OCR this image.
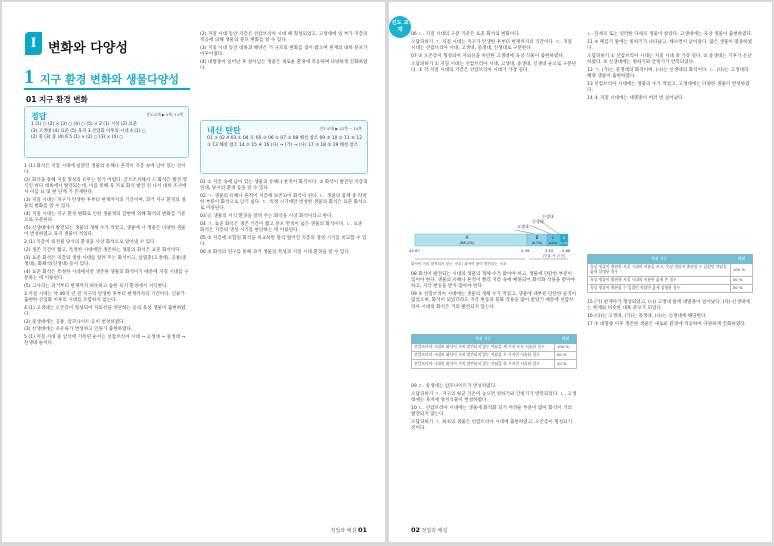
I 변화와 다양성
1 지구 환경 변화와 생물다양성
01 지구 환경 변화
정답	진도교재 ▶ 5쪽, 11쪽
1 (1) ○ (2) × (3) ○ (4) ○ (5) × 2 (1) 시상 (2) 표준
(3) 고생대 (4) 표준 (5) 육지 3 산업화 이후의 시대 4 (1) ○
(2) 중 (3) 중 (4) 6 5 (1) × (2) ○ (3) × (4) ○

1 (1) 화석은 지질 시대에 살았던 생물의 유해나 흔적이 지층 속에 남아 있는 것이다.

(2) 화석을 통해 지질 형성의 유무는 알기 어렵다. 글쓰조치해서 스 화석은 발견 형식인 바다 대륙에서 발견되는데, 이를 통해 육 지로 화석 발견 된 나서 대륙 조사에서 이를 표 및 현 단계 가 존재한다.

(3) 지질 시대는 지구가 탄생한 후부터 현재까지의 기간이며, 과거 지구 환경의 생물의 변화를 알 수 있다.

(4) 지질 시대는 지구 환경 변화로 인한 생물계의 급변에 의해 화석의 변화를 기준으로 구분한다.

(5) 신생대에서 발견되는 생물의 개체 수가 작았고, 생물에 사 생물은 다양한 생물이 번성하였고 육지 생물이 적었다.

2 (1) 지층이 퇴적될 당시의 환경을 사상 화석으로 알아낼 수 있다.

(2) 생존 기간이 짧고, 특정한 시대에만 생존하는 생물의 화석은 표준 화석이다.

(3) 표준 화석은 지층의 생성 시대를 알려 주는 화석이고, 삼엽충(고생대), 공룡(중생대), 화폐석(신생대) 등이 있다.

(4) 표준 화석은 특정한 시대에서만 생존한 생물의 화석이기 때문에 지질 시대를 구분하는 데 이용된다.

(5) 고사리는 과거부터 현재까지 따뜻하고 습한 육지 환경에서 서식한다.

3 지질 시대는 약 46억 년 전 지구의 탄생한 후부터 현재까지의 기간이다. 인류가 출현한 산업화 이후의 시대를 포함하지 않는다.

4 (1) 고생대는 오존층이 형성되어 자외선을 차단하는 등의 육상 생물이 출현하였다.

(2) 중생대에는 공룡, 암모나이트 등이 번성하였다.

(3) 신생대에는 포유류가 번성하고 인류가 출현하였다.

5 (1) 지질 시대 중 암석에 기록된 순서는 선캄브리아 시대 → 고생대 → 중생대 → 신생대 순이다.

(2) 지질 시대 동안 지층은 선캄브리아 시대 때 형성되었고, 고생대에 일 부가 지층의 적응에 의해 생물의 분포 변화를 알 수 있다.

(3) 지질 시대 동안 대륙과 해양은 거 규모의 변화를 겪어 왔으며 현재의 대륙 분포가 이루어졌다.

(4) 대멸종이 일어난 후 살아남은 생물은 새로운 환경에 적응하며 다양하게 진화하였다.

내신 탄탄	진도교재 ▶ 12쪽 ~ 14쪽
01 ③ 02 A 03 ① 04 ⓓ 05 ③ 06 ② 07 ③ 08 해설 참조 09 ⑤ 10 ② 11 ⑥ 12 ③ 13 해설 참조 14 ② 15 ④ 16 (다) → (가) → (나) 17 ③ 18 ⑤ 19 해설 참조

01 ① 지층 속에 남아 있는 생물의 유해나 흔적이 화석이다. ② 화석이 발견된 지층의 연대, 당시의 환경 등을 알 수 있다.

02 ㄱ. 생물의 유해나 흔적이 지층에 보존되어 화석이 된다. ㄴ. 생물의 몸체 중 딱딱한 부분이 화석으로 남기 쉽다. ㄷ. 특정 시기에만 번성한 생물의 화석은 표준 화석으로 이용된다.

03 ⓓ 생물의 서식 환경을 알려 주는 화석을 시상 화석이라고 한다.

04 ㄱ. 표준 화석은 생존 기간이 짧고 분포 면적이 넓은 생물의 화석이다. ㄴ. 표준 화석은 지층의 생성 시기를 판단하는 데 이용된다.

05 ③ 지층에 포함된 화석을 비교하면 멀리 떨어진 지층의 생성 시기를 비교할 수 있다.

06 ② 화석의 연구를 통해 과거 생물의 특성과 지질 시대 환경을 알 수 있다.

정답과 해설 01
진도 교재

06 ㄴ. 지질 시대의 구분 기준은 표준 화석의 변화이다.

오답피하기 ㄱ. 지질 시대는 지구가 탄생한 후부터 현재까지의 기간이다. ㄷ. 지질 시대는 선캄브리아 시대, 고생대, 중생대, 신생대로 구분한다.

07 ③ 오존층이 형성되어 자외선을 차단한 고생대에 육상 식물이 출현하였다.

오답피하기 ① 지질 시대는 선캄브리아 시대, 고생대, 중생대, 신생대 순으로 구분된다. ② 각 지질 시대의 기간은 선캄브리아 시대가 가장 길다.

신생대
중생대
고생대
A
(88.2%)
B
(6.7%)
C
(4.0%)
D
(1.1%)
45.67	5.39	2.52 0.66
(단위: 억 년 전)
화석이 거의 발견되지 않는 시대 / 화석이 많이 발견되는 시대

08 화석이 발견되는 시대의 생물의 개체 수가 많아야 하고, 생물에 단단한 부분이 있어야 한다. 생물의 유해나 흔적이 빨리 지층 속에 매몰되어 화석화 작용을 받아야 하고, 지각 변동을 받지 않아야 한다.

09 ⑤ 선캄브리아 시대에는 생물의 개체 수가 적었고, 생물에 대부분 단단한 골격이 없었으며, 화석이 되었더라도 지각 변동과 풍화 작용을 많이 받았기 때문에 선캄브리아 시대의 화석은 거의 발견되지 않는다.

채점 기준	배점
선캄브리아 시대의 화석이 거의 발견되지 않는 까닭을 세 가지 모두 서술한 경우	100 %
선캄브리아 시대의 화석이 거의 발견되지 않는 까닭을 두 가지만 서술한 경우	50 %
선캄브리아 시대의 화석이 거의 발견되지 않는 까닭을 한 가지만 서술한 경우	20 %

09 ㄷ. 중생대는 암모나이트가 번성하였다.

오답피하기 ㄱ. 지구의 평균 기온이 높으면 빙하기와 간빙기가 반복되었다. ㄴ. 고생대에는 육지에 양치식물이 번성하였다.

10 ㄴ. 선캄브리아 시대에는 생물에 화석화 되기 어려운 부분이 많아 화석이 거의 발견되지 않는다.

오답피하기 ㄱ. 최초의 생물은 선캄브리아 시대에 출현하였고, 오존층이 형성되기 전이다.

ㄴ. 단세포 또는 연약한 다세포 생물이 살았다. 고생대에는 육상 생물이 출현하였다.

11 ④ 페름기 말에는 빙하기가 나타났고, 해수면이 낮아졌다. 많은 생물이 멸종하였다.

오답피하기 ① 선캄브리아 시대는 지질 시대 중 가장 길다. ② 중생대는 기후가 온난하였다. ③ 신생대에는 빙하기와 간빙기가 반복되었다.

12 ㄱ. (가)는 중생대의 화석이며, (나)는 신생대의 화석이다. ㄴ. (다)는 고생대의 해양 생물이 출현하였다.

13 선캄브리아 시대에는 생물의 수가 적었고, 고생대에는 다양한 생물이 번성하였다.

14 ② 지질 시대에는 대멸종이 여러 번 일어났다.

채점 기준	배점
육상 생물이 출현한 지질 시대의 이름을 쓰고, 육상 생물이 출현할 수 있었던 까닭을 옳게 설명한 경우	100 %
육상 생물이 출현한 지질 시대의 이름만 옳게 쓴 경우	50 %
육상 생물이 출현할 수 있었던 까닭만 옳게 설명한 경우	50 %

15 (가) 판게아가 형성되었고, (나) 고생대 말에 대멸종이 일어났다. (다) 신생대에는 현재와 비슷한 대륙 분포가 되었다.

16 (다)는 고생대, (가)는 중생대, (나)는 신생대에 해당한다.

17 ③ 대멸종 이후 생존한 생물은 새로운 환경에 적응하여 다양하게 진화하였다.

02 정답과 해설
